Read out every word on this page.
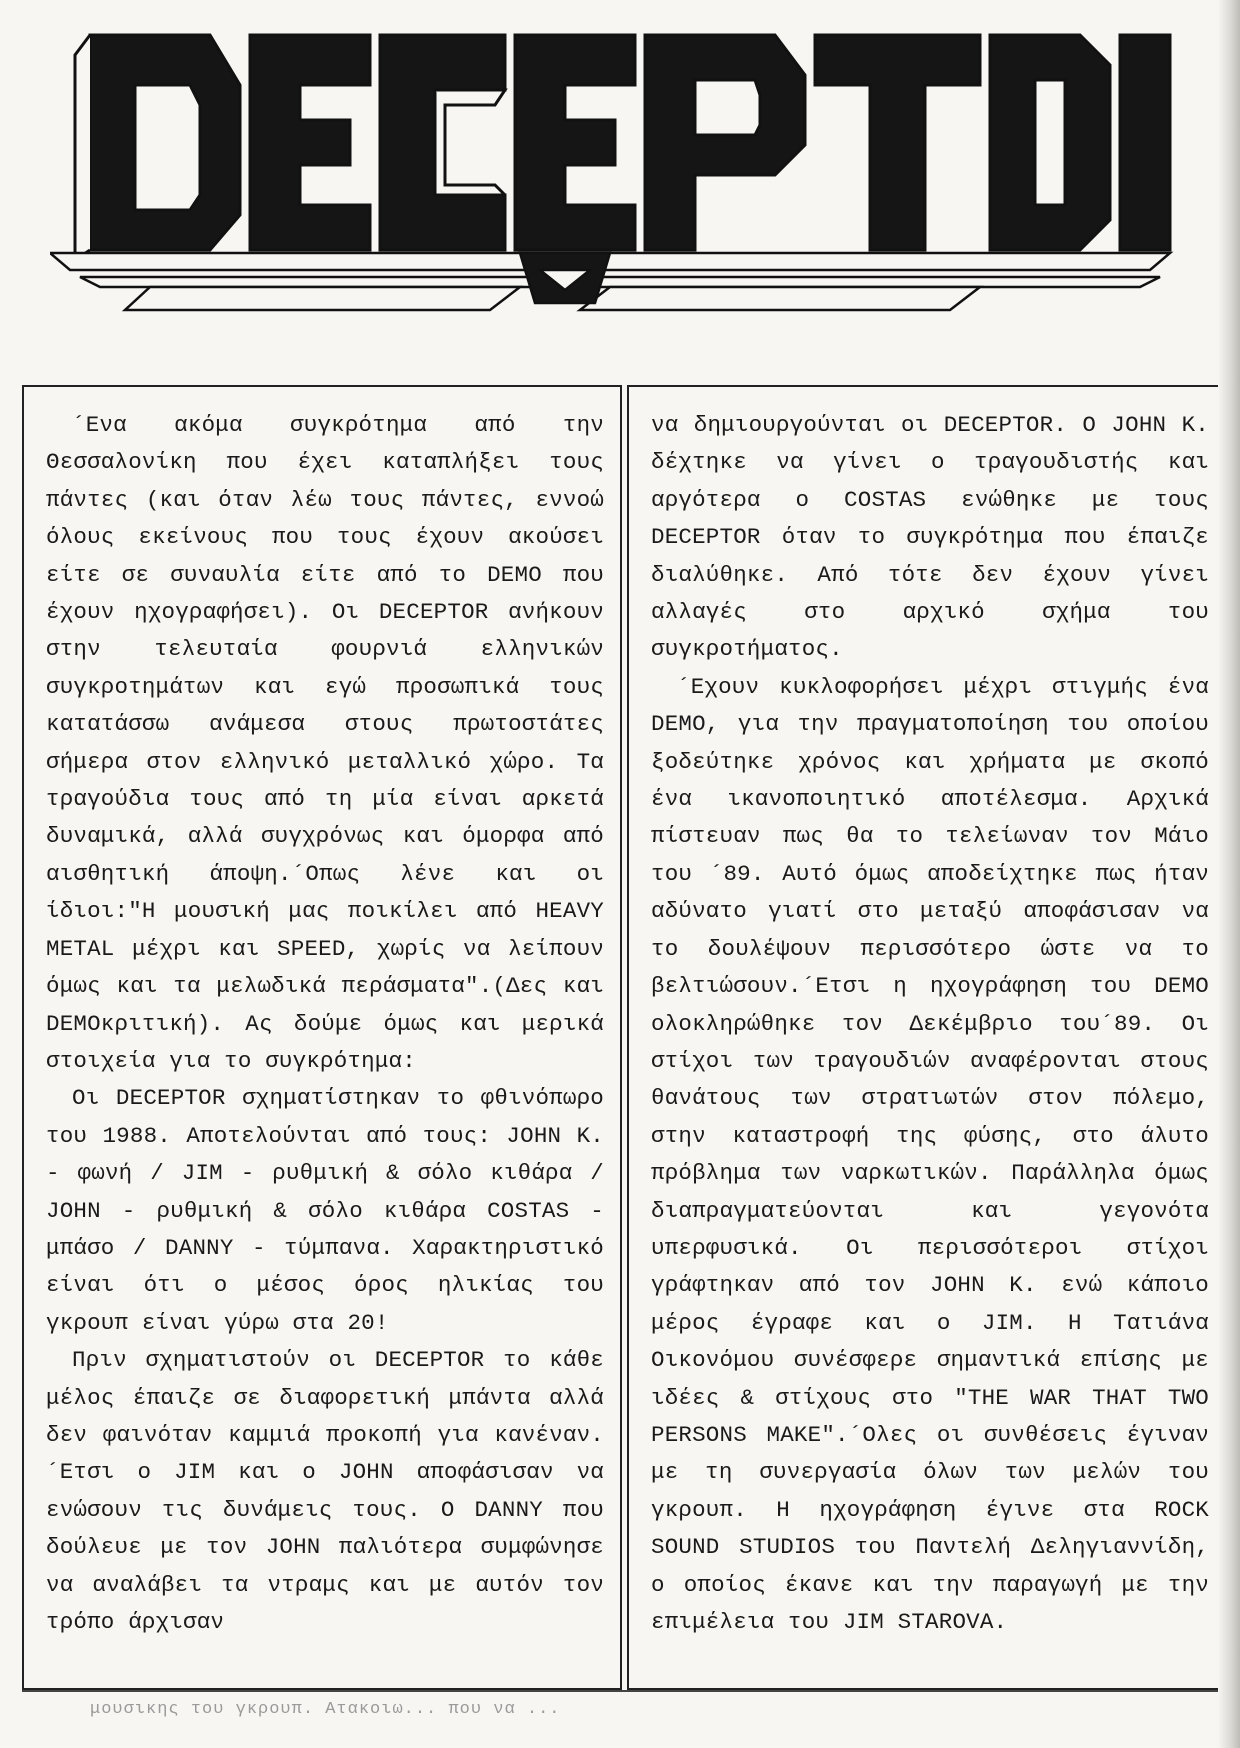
´Ενα ακόμα συγκρότημα από την Θεσσαλονίκη που έχει καταπλήξει τους πάντες (και όταν λέω τους πάντες, εννοώ όλους εκείνους που τους έχουν ακούσει είτε σε συναυλία είτε από το DEMO που έχουν ηχογραφήσει). Οι DECEPTOR ανήκουν στην τελευταία φουρνιά ελληνικών συγκροτημάτων και εγώ προσωπικά τους κατατάσσω ανάμεσα στους πρωτοστάτες σήμερα στον ελληνικό μεταλλικό χώρο. Τα τραγούδια τους από τη μία είναι αρκετά δυναμικά, αλλά συγχρόνως και όμορφα από αισθητική άποψη.´Οπως λένε και οι ίδιοι:"Η μουσική μας ποικίλει από HEAVY METAL μέχρι και SPEED, χωρίς να λείπουν όμως και τα μελωδικά περάσματα".(Δες και DEMOκριτική). Ας δούμε όμως και μερικά στοιχεία για το συγκρότημα:

Οι DECEPTOR σχηματίστηκαν το φθινόπωρο του 1988. Αποτελούνται από τους: JOHN K. - φωνή / JIM - ρυθμική & σόλο κιθάρα / JOHN - ρυθμική & σόλο κιθάρα COSTAS - μπάσο / DANNY - τύμπανα. Χαρακτηριστικό είναι ότι ο μέσος όρος ηλικίας του γκρουπ είναι γύρω στα 20!

Πριν σχηματιστούν οι DECEPTOR το κάθε μέλος έπαιζε σε διαφορετική μπάντα αλλά δεν φαινόταν καμμιά προκοπή για κανέναν.´Ετσι ο JIM και ο JOHN αποφάσισαν να ενώσουν τις δυνάμεις τους. Ο DANNY που δούλευε με τον JOHN παλιότερα συμφώνησε να αναλάβει τα ντραμς και με αυτόν τον τρόπο άρχισαν

να δημιουργούνται οι DECEPTOR. Ο JOHN K. δέχτηκε να γίνει ο τραγουδιστής και αργότερα ο COSTAS ενώθηκε με τους DECEPTOR όταν το συγκρότημα που έπαιζε διαλύθηκε. Από τότε δεν έχουν γίνει αλλαγές στο αρχικό σχήμα του συγκροτήματος.

´Εχουν κυκλοφορήσει μέχρι στιγμής ένα DEMO, για την πραγματοποίηση του οποίου ξοδεύτηκε χρόνος και χρήματα με σκοπό ένα ικανοποιητικό αποτέλεσμα. Αρχικά πίστευαν πως θα το τελείωναν τον Μάιο του ´89. Αυτό όμως αποδείχτηκε πως ήταν αδύνατο γιατί στο μεταξύ αποφάσισαν να το δουλέψουν περισσότερο ώστε να το βελτιώσουν.´Ετσι η ηχογράφηση του DEMO ολοκληρώθηκε τον Δεκέμβριο του´89. Οι στίχοι των τραγουδιών αναφέρονται στους θανάτους των στρατιωτών στον πόλεμο, στην καταστροφή της φύσης, στο άλυτο πρόβλημα των ναρκωτικών. Παράλληλα όμως διαπραγματεύονται και γεγονότα υπερφυσικά. Οι περισσότεροι στίχοι γράφτηκαν από τον JOHN K. ενώ κάποιο μέρος έγραφε και ο JIM. Η Τατιάνα Οικονόμου συνέσφερε σημαντικά επίσης με ιδέες & στίχους στο "THE WAR THAT TWO PERSONS MAKE".´Ολες οι συνθέσεις έγιναν με τη συνεργασία όλων των μελών του γκρουπ. Η ηχογράφηση έγινε στα ROCK SOUND STUDIOS του Παντελή Δεληγιαννίδη, ο οποίος έκανε και την παραγωγή με την επιμέλεια του JIM STAROVA.

μουσικης του γκρουπ. Ατακοιω... που να ...
